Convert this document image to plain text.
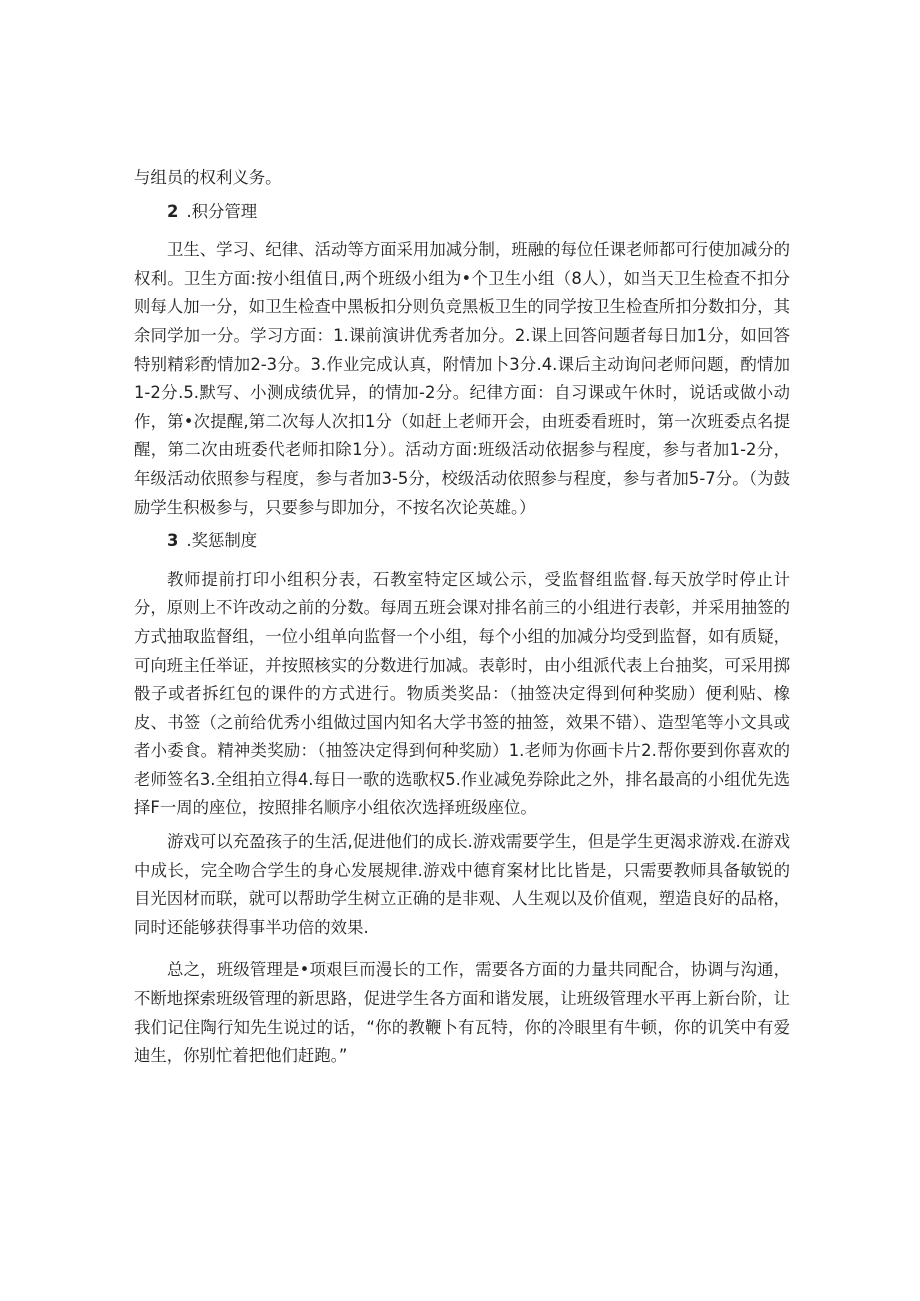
与组员的权利义务。

2 .积分管理

卫生、学习、纪律、活动等方面采用加减分制，班融的每位任课老师都可行使加减分的权利。卫生方面:按小组值日,两个班级小组为•个卫生小组（8人），如当天卫生检查不扣分则每人加一分，如卫生检查中黑板扣分则负竞黑板卫生的同学按卫生检查所扣分数扣分，其余同学加一分。学习方面：1.课前演讲优秀者加分。2.课上回答问题者每日加1分，如回答特别精彩酌情加2-3分。3.作业完成认真，附情加卜3分.4.课后主动询问老师问题，酌情加1-2分.5.默写、小测成绩优异，的情加-2分。纪律方面：自习课或午休时，说话或做小动作，第•次提醒,第二次每人次扣1分（如赶上老师开会，由班委看班时，第一次班委点名提醒，第二次由班委代老师扣除1分）。活动方面:班级活动依据参与程度，参与者加1-2分，年级活动依照参与程度，参与者加3-5分，校级活动依照参与程度，参与者加5-7分。（为鼓励学生积极参与，只要参与即加分，不按名次论英雄。）

3 .奖惩制度

教师提前打印小组积分表，石教室特定区域公示，受监督组监督.每天放学时停止计分，原则上不许改动之前的分数。每周五班会课对排名前三的小组进行表彰，并采用抽签的方式抽取监督组，一位小组单向监督一个小组，每个小组的加减分均受到监督，如有质疑，可向班主任举证，并按照核实的分数进行加减。表彰时，由小组派代表上台抽奖，可采用掷骰子或者拆红包的课件的方式进行。物质类奖品：（抽签决定得到何种奖励）便利贴、橡皮、书签（之前给优秀小组做过国内知名大学书签的抽签，效果不错）、造型笔等小文具或者小委食。精神类奖励：（抽签决定得到何种奖励）1.老师为你画卡片2.帮你要到你喜欢的老师签名3.全组拍立得4.每日一歌的选歌权5.作业减免券除此之外，排名最高的小组优先选择F一周的座位，按照排名顺序小组依次选择班级座位。

游戏可以充盈孩子的生活,促进他们的成长.游戏需要学生，但是学生更渴求游戏.在游戏中成长，完全吻合学生的身心发展规律.游戏中德育案材比比皆是，只需要教师具备敏锐的目光因材而联，就可以帮助学生树立正确的是非观、人生观以及价值观，塑造良好的品格，同时还能够获得事半功倍的效果.

总之，班级管理是•项艰巨而漫长的工作，需要各方面的力量共同配合，协调与沟通，不断地探索班级管理的新思路，促进学生各方面和谐发展，让班级管理水平再上新台阶，让我们记住陶行知先生说过的话，“你的教鞭卜有瓦特，你的冷眼里有牛顿，你的讥笑中有爱迪生，你别忙着把他们赶跑。”
